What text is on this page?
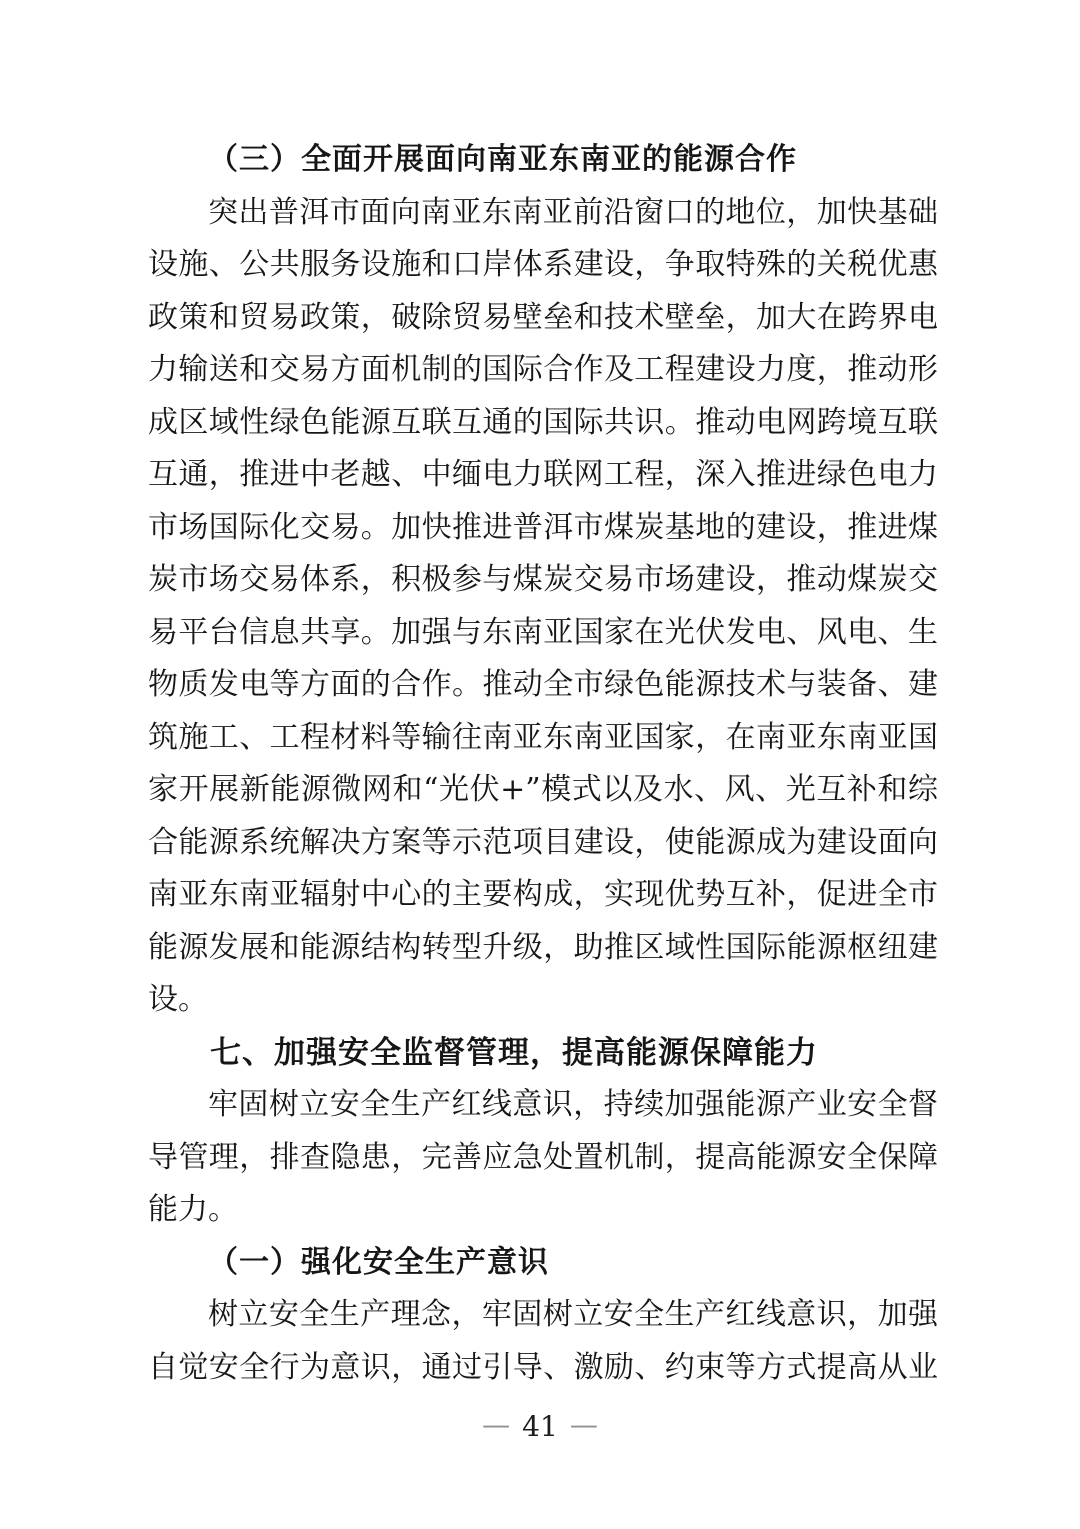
（三）全面开展面向南亚东南亚的能源合作
突出普洱市面向南亚东南亚前沿窗口的地位，加快基础
设施、公共服务设施和口岸体系建设，争取特殊的关税优惠
政策和贸易政策，破除贸易壁垒和技术壁垒，加大在跨界电
力输送和交易方面机制的国际合作及工程建设力度，推动形
成区域性绿色能源互联互通的国际共识。推动电网跨境互联
互通，推进中老越、中缅电力联网工程，深入推进绿色电力
市场国际化交易。加快推进普洱市煤炭基地的建设，推进煤
炭市场交易体系，积极参与煤炭交易市场建设，推动煤炭交
易平台信息共享。加强与东南亚国家在光伏发电、风电、生
物质发电等方面的合作。推动全市绿色能源技术与装备、建
筑施工、工程材料等输往南亚东南亚国家，在南亚东南亚国
家开展新能源微网和“光伏+”模式以及水、风、光互补和综
合能源系统解决方案等示范项目建设，使能源成为建设面向
南亚东南亚辐射中心的主要构成，实现优势互补，促进全市
能源发展和能源结构转型升级，助推区域性国际能源枢纽建
设。
七、加强安全监督管理，提高能源保障能力
牢固树立安全生产红线意识，持续加强能源产业安全督
导管理，排查隐患，完善应急处置机制，提高能源安全保障
能力。
（一）强化安全生产意识
树立安全生产理念，牢固树立安全生产红线意识，加强
自觉安全行为意识，通过引导、激励、约束等方式提高从业
— 41 —
